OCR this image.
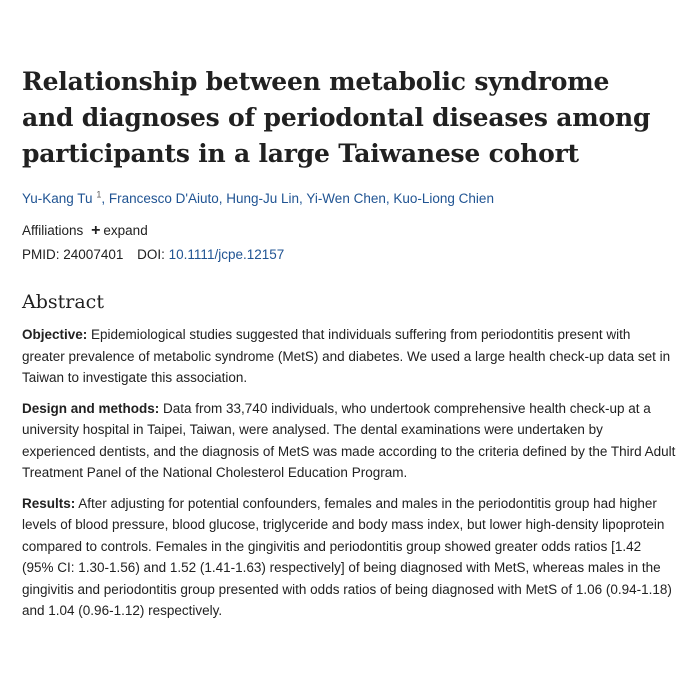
Relationship between metabolic syndrome and diagnoses of periodontal diseases among participants in a large Taiwanese cohort
Yu-Kang Tu $^1$, Francesco D'Aiuto, Hung-Ju Lin, Yi-Wen Chen, Kuo-Liong Chien
Affiliations + expand
PMID: 24007401 DOI: 10.1111/jcpe.12157
Abstract
Objective: Epidemiological studies suggested that individuals suffering from periodontitis present with greater prevalence of metabolic syndrome (MetS) and diabetes. We used a large health check-up data set in Taiwan to investigate this association.
Design and methods: Data from 33,740 individuals, who undertook comprehensive health check-up at a university hospital in Taipei, Taiwan, were analysed. The dental examinations were undertaken by experienced dentists, and the diagnosis of MetS was made according to the criteria defined by the Third Adult Treatment Panel of the National Cholesterol Education Program.
Results: After adjusting for potential confounders, females and males in the periodontitis group had higher levels of blood pressure, blood glucose, triglyceride and body mass index, but lower high-density lipoprotein compared to controls. Females in the gingivitis and periodontitis group showed greater odds ratios [1.42 (95% CI: 1.30-1.56) and 1.52 (1.41-1.63) respectively] of being diagnosed with MetS, whereas males in the gingivitis and periodontitis group presented with odds ratios of being diagnosed with MetS of 1.06 (0.94-1.18) and 1.04 (0.96-1.12) respectively.
